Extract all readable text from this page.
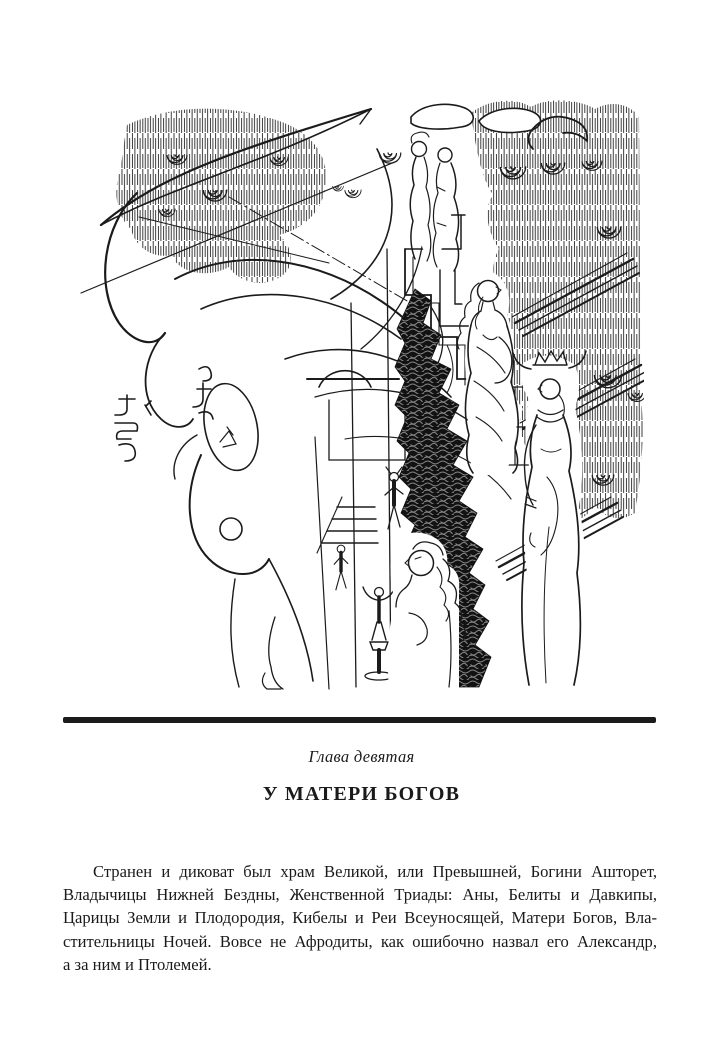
Глава девятая
У МАТЕРИ БОГОВ

Странен и диковат был храм Великой, или Превышней, Богини Ашторет,
Владычицы Нижней Бездны, Женственной Триады: Аны, Белиты и Давкипы,
Царицы Земли и Плодородия, Кибелы и Реи Всеуносящей, Матери Богов, Вла-
стительницы Ночей. Вовсе не Афродиты, как ошибочно назвал его Александр,
а за ним и Птолемей.
